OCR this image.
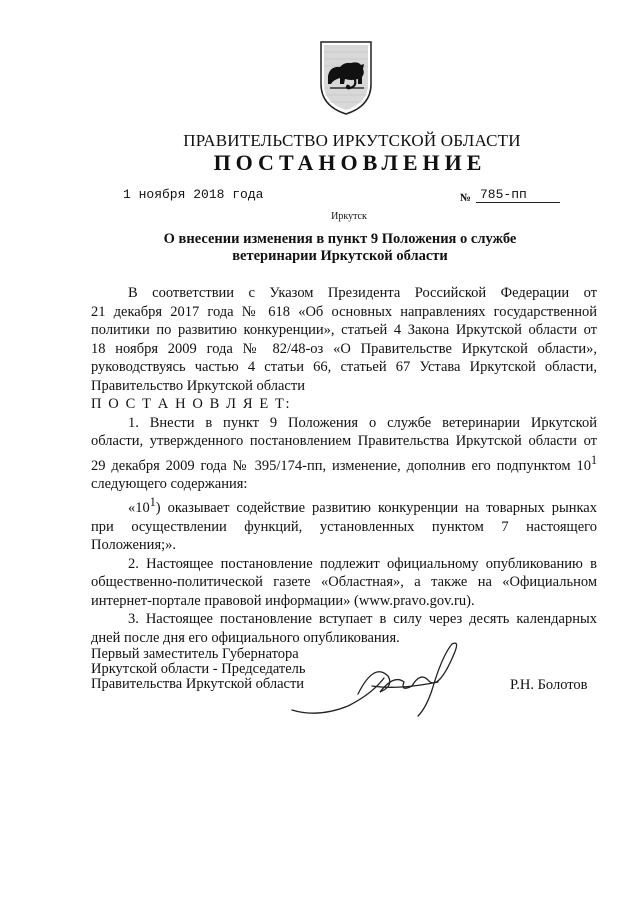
ПРАВИТЕЛЬСТВО ИРКУТСКОЙ ОБЛАСТИ
ПОСТАНОВЛЕНИЕ
1 ноября 2018 года	№ 785-пп
Иркутск
О внесении изменения в пункт 9 Положения о службе
ветеринарии Иркутской области

В соответствии с Указом Президента Российской Федерации от

21 декабря 2017 года № 618 «Об основных направлениях государственной

политики по развитию конкуренции», статьей 4 Закона Иркутской области от

18 ноября 2009 года № 82/48-оз «О Правительстве Иркутской области»,

руководствуясь частью 4 статьи 66, статьей 67 Устава Иркутской области,

Правительство Иркутской области

П О С Т А Н О В Л Я Е Т:

1. Внести в пункт 9 Положения о службе ветеринарии Иркутской

области, утвержденного постановлением Правительства Иркутской области от

29 декабря 2009 года № 395/174-пп, изменение, дополнив его подпунктом $10^1$

следующего содержания:

«$10^1$) оказывает содействие развитию конкуренции на товарных рынках

при осуществлении функций, установленных пунктом 7 настоящего

Положения;».

2. Настоящее постановление подлежит официальному опубликованию в

общественно-политической газете «Областная», а также на «Официальном

интернет-портале правовой информации» (www.pravo.gov.ru).

3. Настоящее постановление вступает в силу через десять календарных

дней после дня его официального опубликования.

Первый заместитель Губернатора
Иркутской области - Председатель
Правительства Иркутской области	Р.Н. Болотов
